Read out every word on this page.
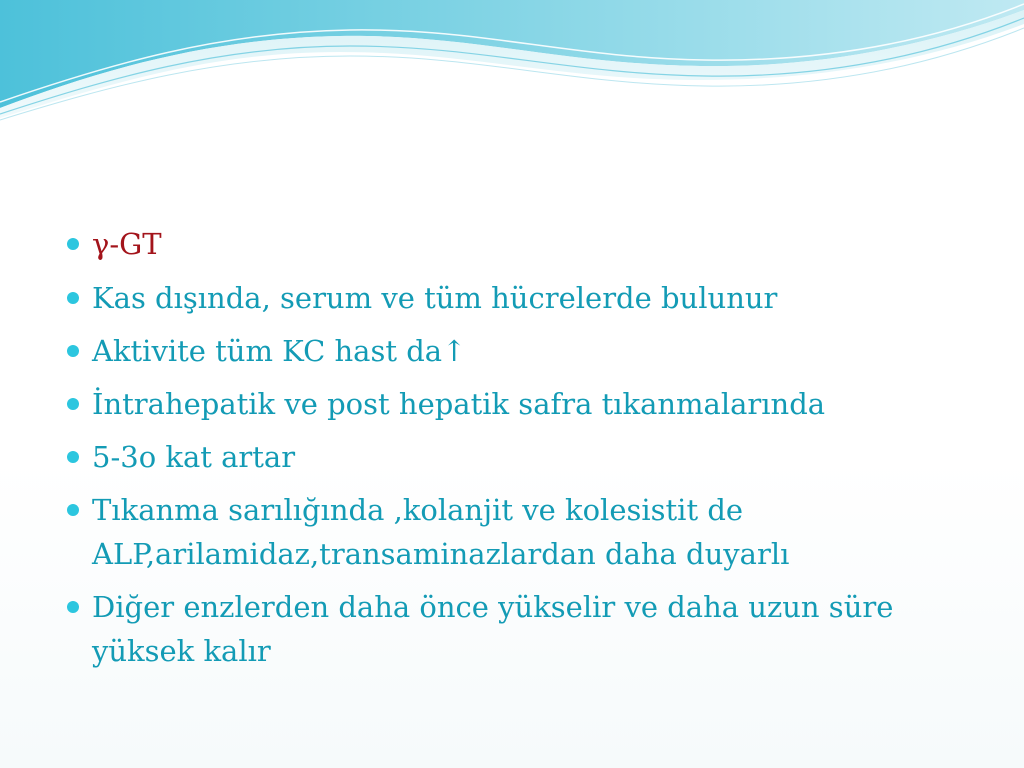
γ-GT
Kas dışında, serum ve tüm hücrelerde bulunur
Aktivite tüm KC hast da↑
İntrahepatik ve post hepatik safra tıkanmalarında
5-3o kat artar
Tıkanma sarılığında ,kolanjit ve kolesistit de ALP,arilamidaz,transaminazlardan daha duyarlı
Diğer enzlerden daha önce yükselir ve daha uzun süre yüksek kalır
